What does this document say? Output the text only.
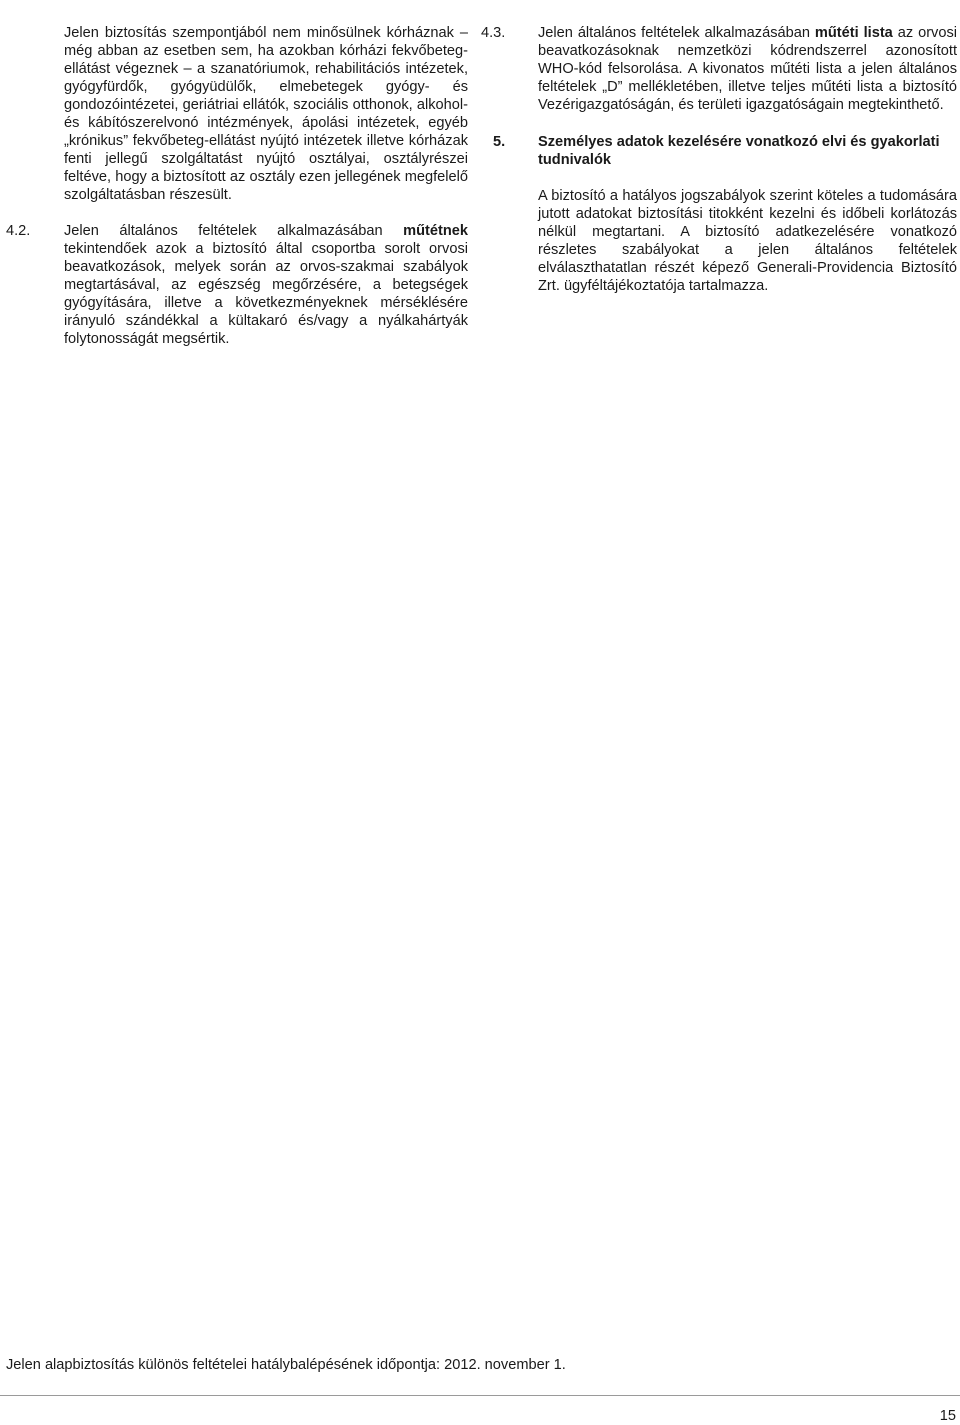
Jelen biztosítás szempontjából nem minősülnek kórháznak – még abban az esetben sem, ha azokban kórházi fekvőbeteg-ellátást végeznek – a szanatóriumok, rehabilitációs intézetek, gyógyfürdők, gyógyüdülők, elmebetegek gyógy- és gondozóintézetei, geriátriai ellátók, szociális otthonok, alkohol- és kábítószerelvonó intézmények, ápolási intézetek, egyéb „krónikus” fekvőbeteg-ellátást nyújtó intézetek illetve kórházak fenti jellegű szolgáltatást nyújtó osztályai, osztályrészei feltéve, hogy a biztosított az osztály ezen jellegének megfelelő szolgáltatásban részesült.

4.2. Jelen általános feltételek alkalmazásában műtétnek tekintendőek azok a biztosító által csoportba sorolt orvosi beavatkozások, melyek során az orvos-szakmai szabályok megtartásával, az egészség megőrzésére, a betegségek gyógyítására, illetve a következményeknek mérséklésére irányuló szándékkal a kültakaró és/vagy a nyálkahártyák folytonosságát megsértik.

4.3. Jelen általános feltételek alkalmazásában műtéti lista az orvosi beavatkozásoknak nemzetközi kódrendszerrel azonosított WHO-kód felsorolása. A kivonatos műtéti lista a jelen általános feltételek „D” mellékletében, illetve teljes műtéti lista a biztosító Vezérigazgatóságán, és területi igazgatóságain megtekinthető.

5. Személyes adatok kezelésére vonatkozó elvi és gyakorlati tudnivalók

A biztosító a hatályos jogszabályok szerint köteles a tudomására jutott adatokat biztosítási titokként kezelni és időbeli korlátozás nélkül megtartani. A biztosító adatkezelésére vonatkozó részletes szabályokat a jelen általános feltételek elválaszthatatlan részét képező Generali-Providencia Biztosító Zrt. ügyféltájékoztatója tartalmazza.

Jelen alapbiztosítás különös feltételei hatálybalépésének időpontja: 2012. november 1.
15
